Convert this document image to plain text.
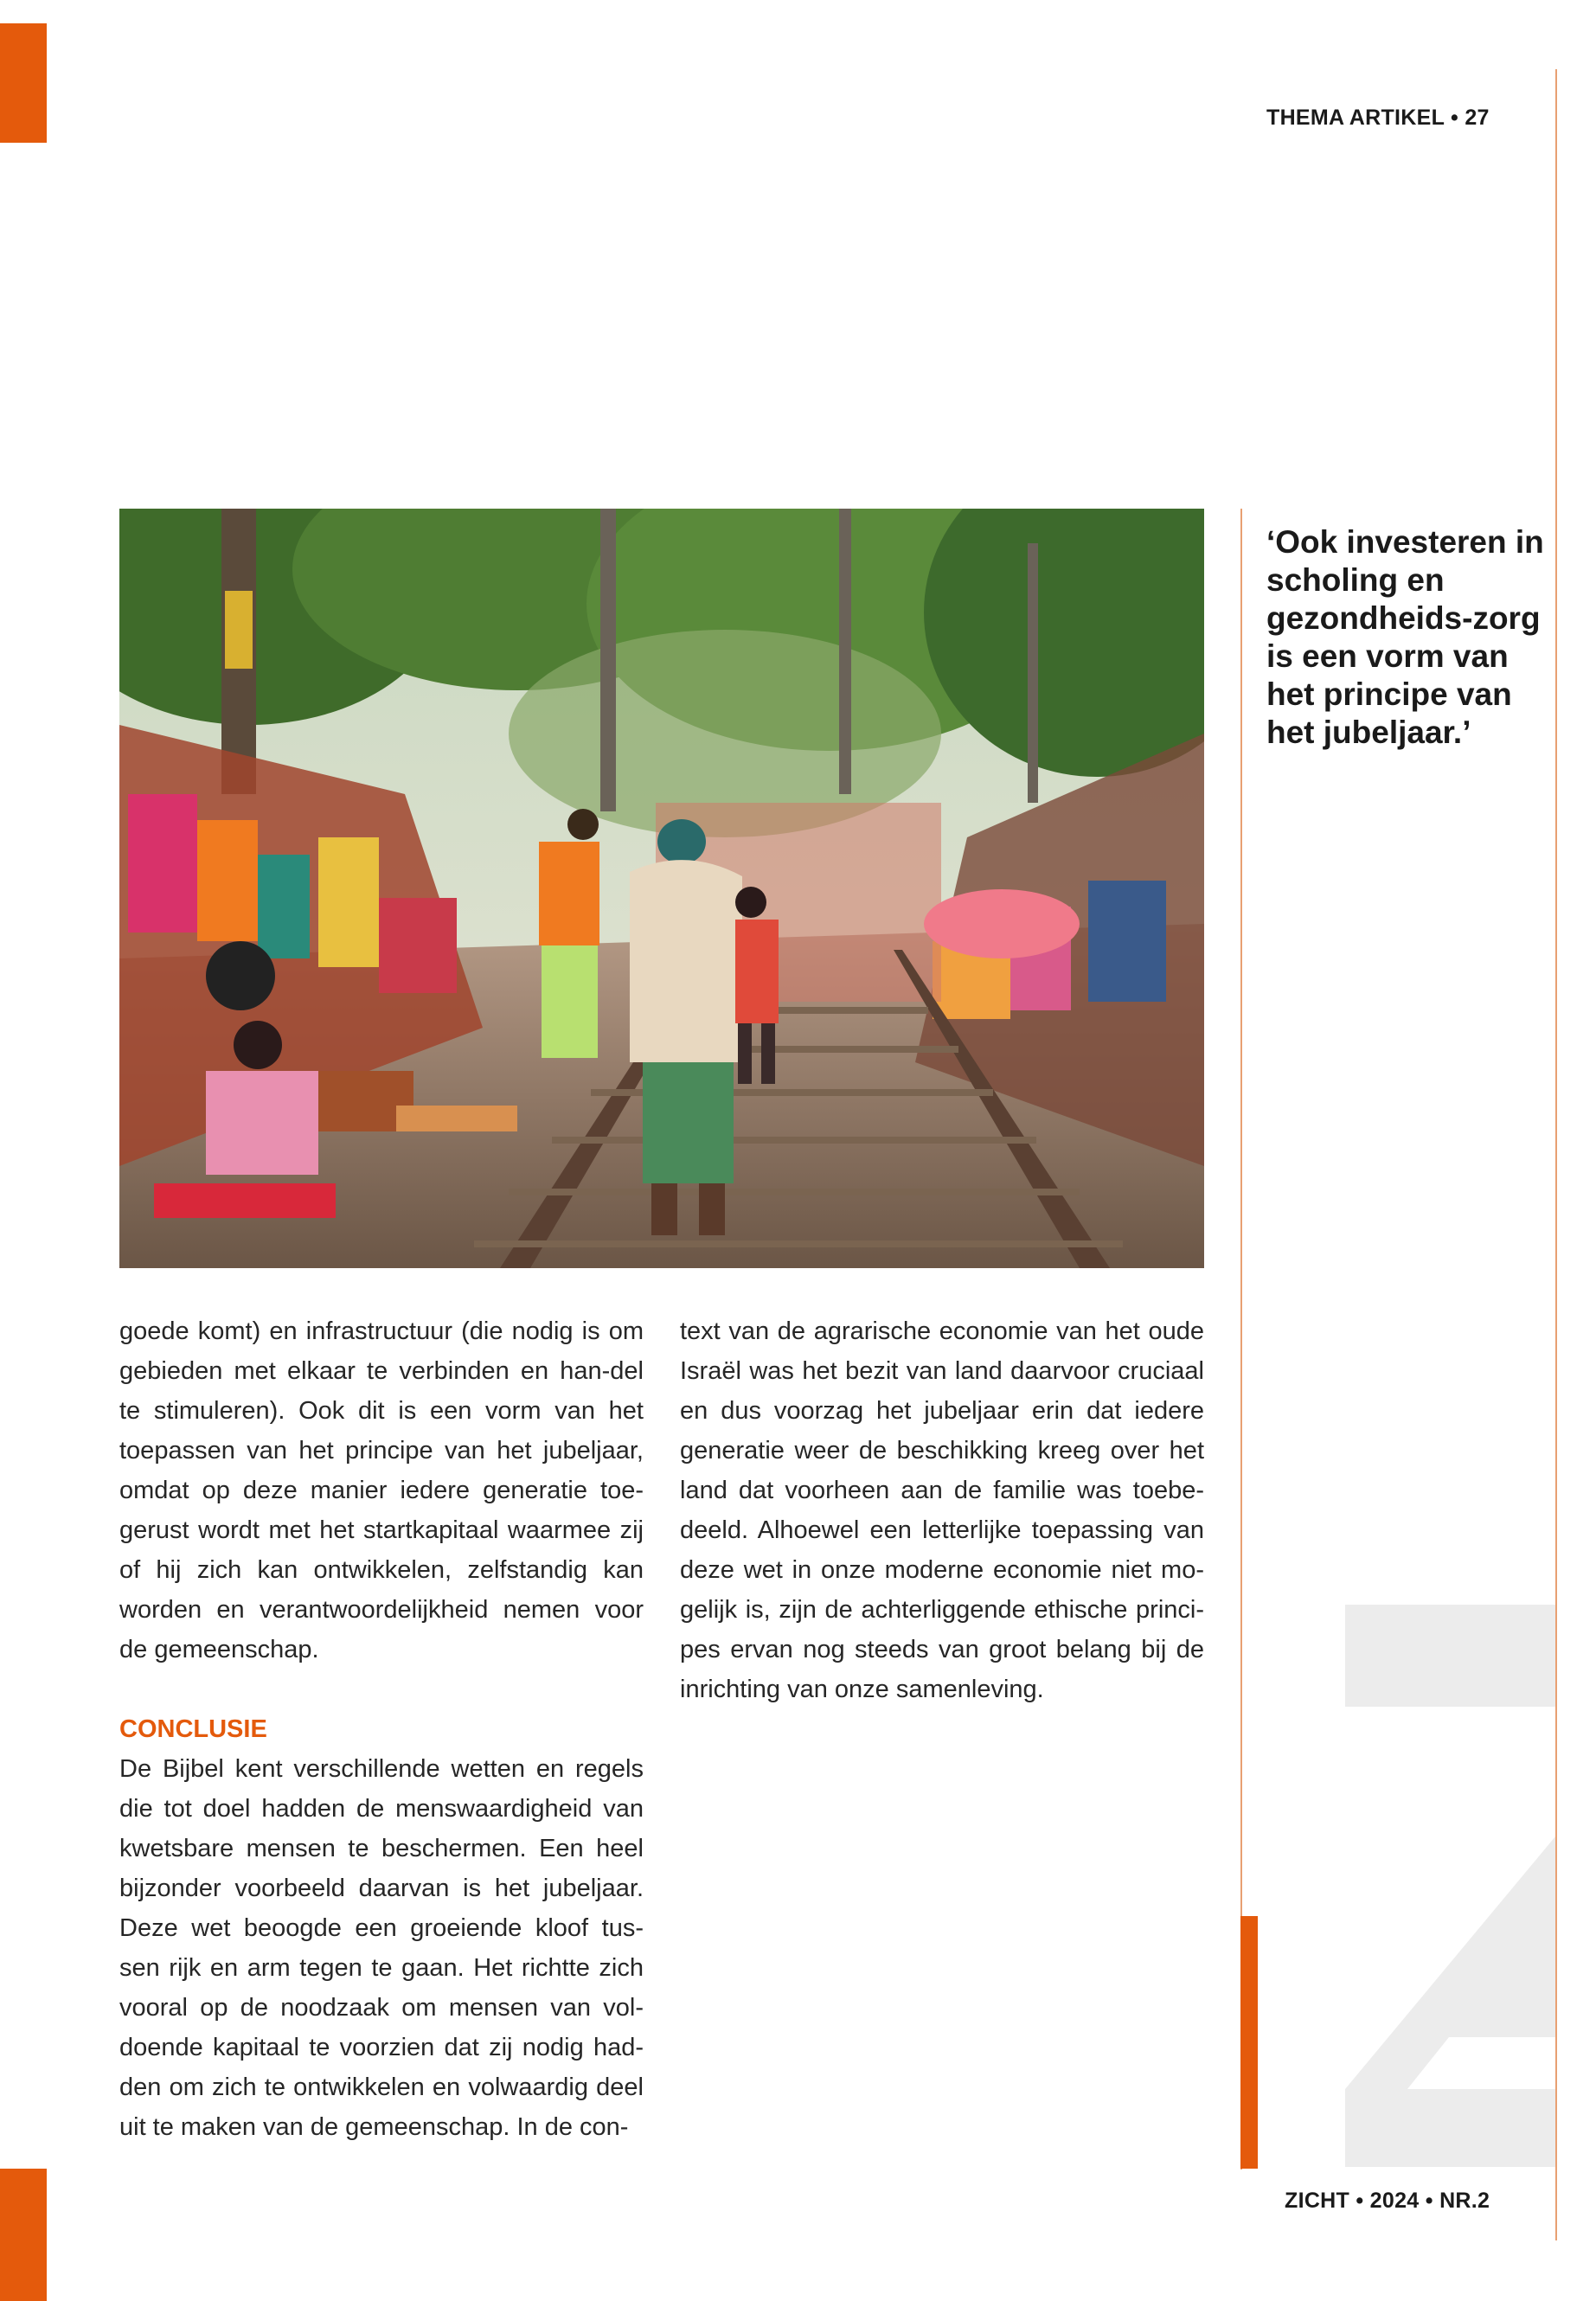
THEMA ARTIKEL • 27
‘Ook investeren in scholing en gezondheids-zorg is een vorm van het principe van het jubeljaar.’

goede komt) en infrastructuur (die nodig is om gebieden met elkaar te verbinden en han-del te stimuleren). Ook dit is een vorm van het toepassen van het principe van het jubeljaar, omdat op deze manier iedere generatie toe-gerust wordt met het startkapitaal waarmee zij of hij zich kan ontwikkelen, zelfstandig kan worden en verantwoordelijkheid nemen voor de gemeenschap.

CONCLUSIE

De Bijbel kent verschillende wetten en regels die tot doel hadden de menswaardigheid van kwetsbare mensen te beschermen. Een heel bijzonder voorbeeld daarvan is het jubeljaar. Deze wet beoogde een groeiende kloof tus-sen rijk en arm tegen te gaan. Het richtte zich vooral op de noodzaak om mensen van vol-doende kapitaal te voorzien dat zij nodig had-den om zich te ontwikkelen en volwaardig deel uit te maken van de gemeenschap. In de con-

text van de agrarische economie van het oude Israël was het bezit van land daarvoor cruciaal en dus voorzag het jubeljaar erin dat iedere generatie weer de beschikking kreeg over het land dat voorheen aan de familie was toebe-deeld. Alhoewel een letterlijke toepassing van deze wet in onze moderne economie niet mo-gelijk is, zijn de achterliggende ethische princi-pes ervan nog steeds van groot belang bij de inrichting van onze samenleving.

ZICHT • 2024 • NR.2
